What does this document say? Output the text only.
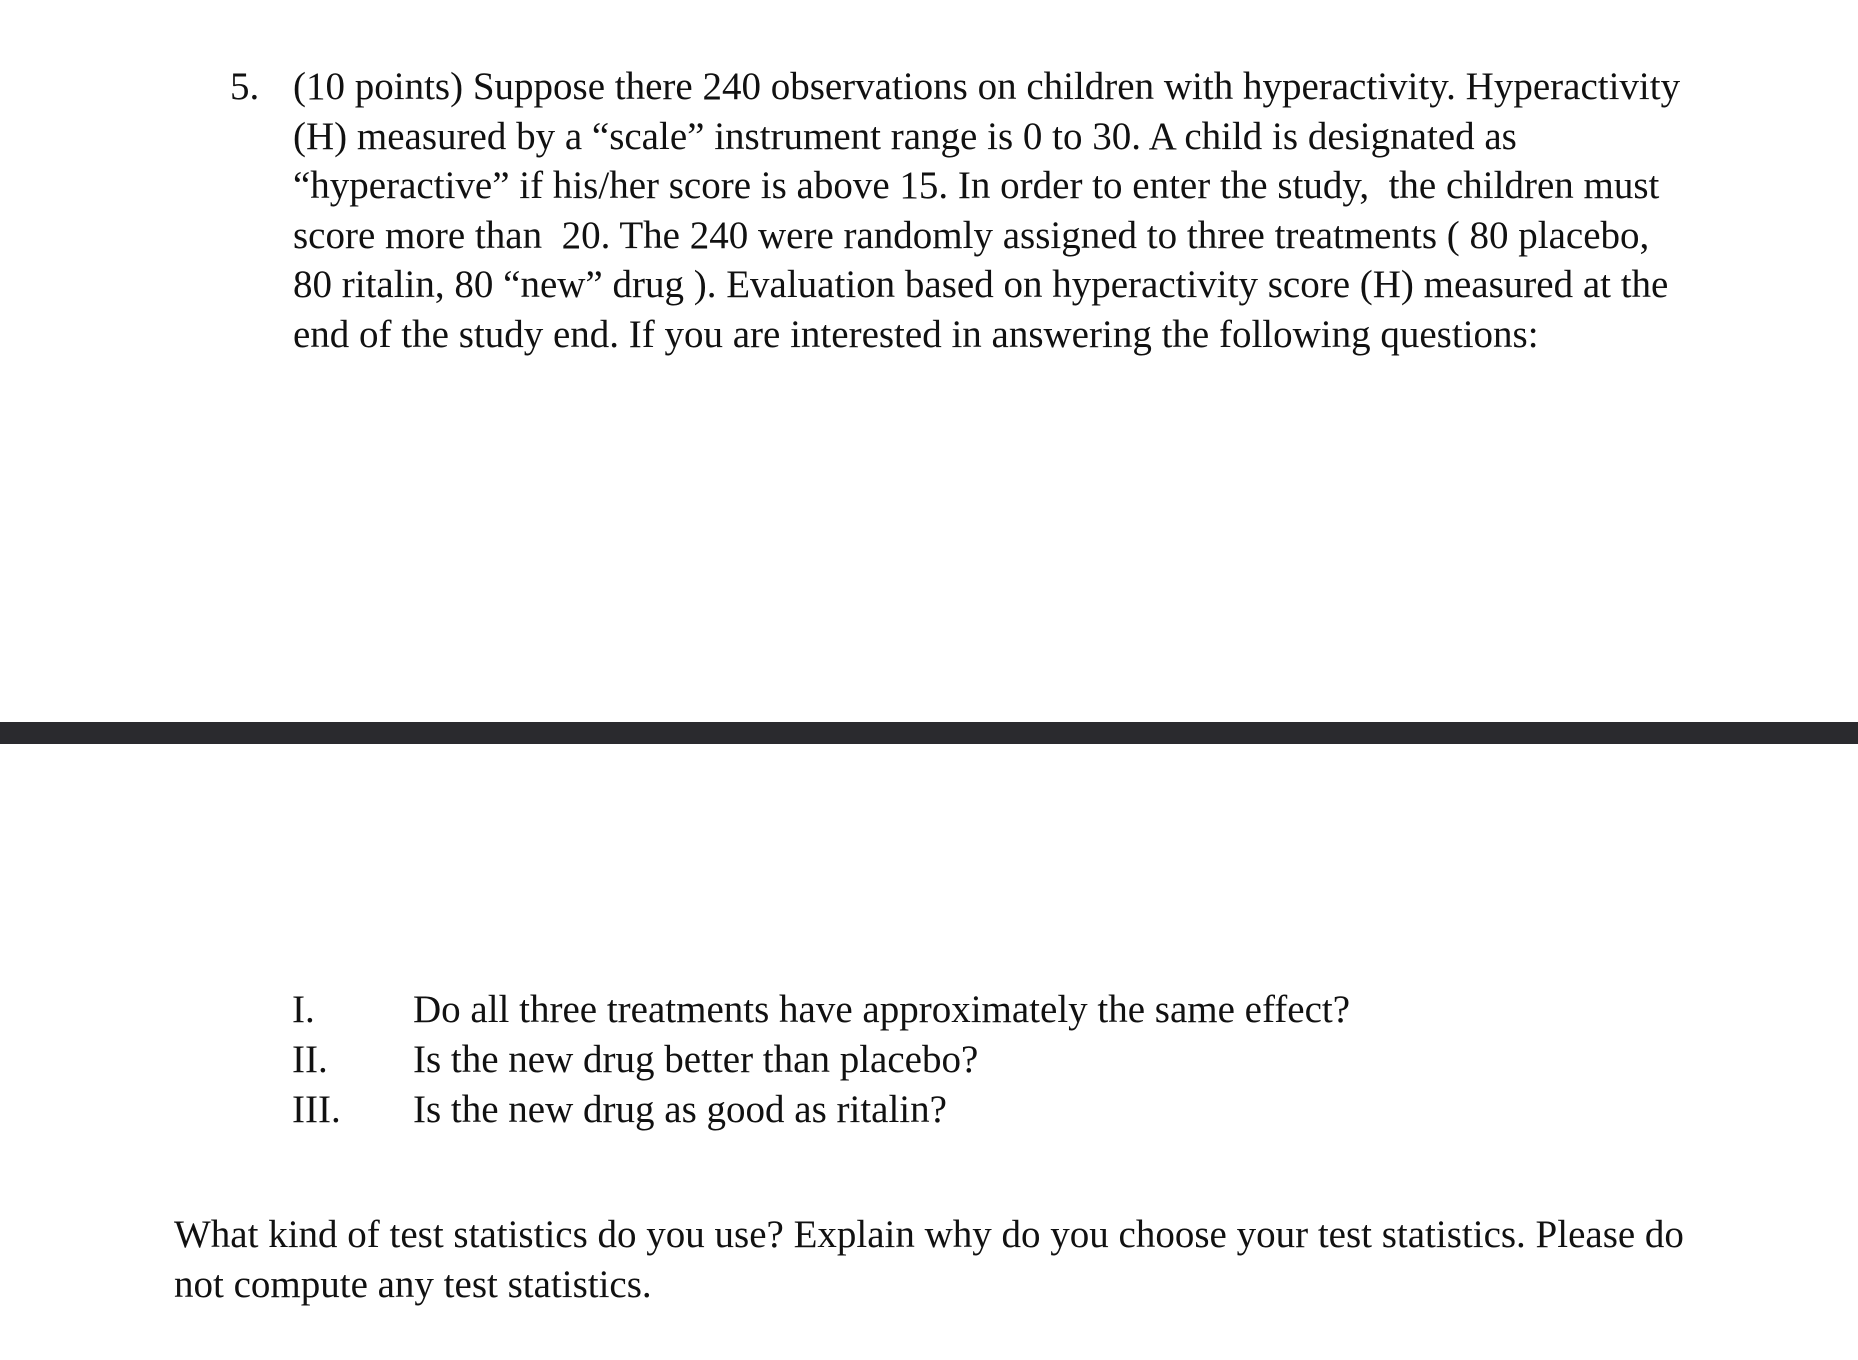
5. (10 points) Suppose there 240 observations on children with hyperactivity. Hyperactivity
(H) measured by a “scale” instrument range is 0 to 30. A child is designated as
“hyperactive” if his/her score is above 15. In order to enter the study,  the children must
score more than  20. The 240 were randomly assigned to three treatments ( 80 placebo,
80 ritalin, 80 “new” drug ). Evaluation based on hyperactivity score (H) measured at the
end of the study end. If you are interested in answering the following questions:
I.	Do all three treatments have approximately the same effect?
II. Is the new drug better than placebo?
III. Is the new drug as good as ritalin?
What kind of test statistics do you use? Explain why do you choose your test statistics. Please do
not compute any test statistics.
